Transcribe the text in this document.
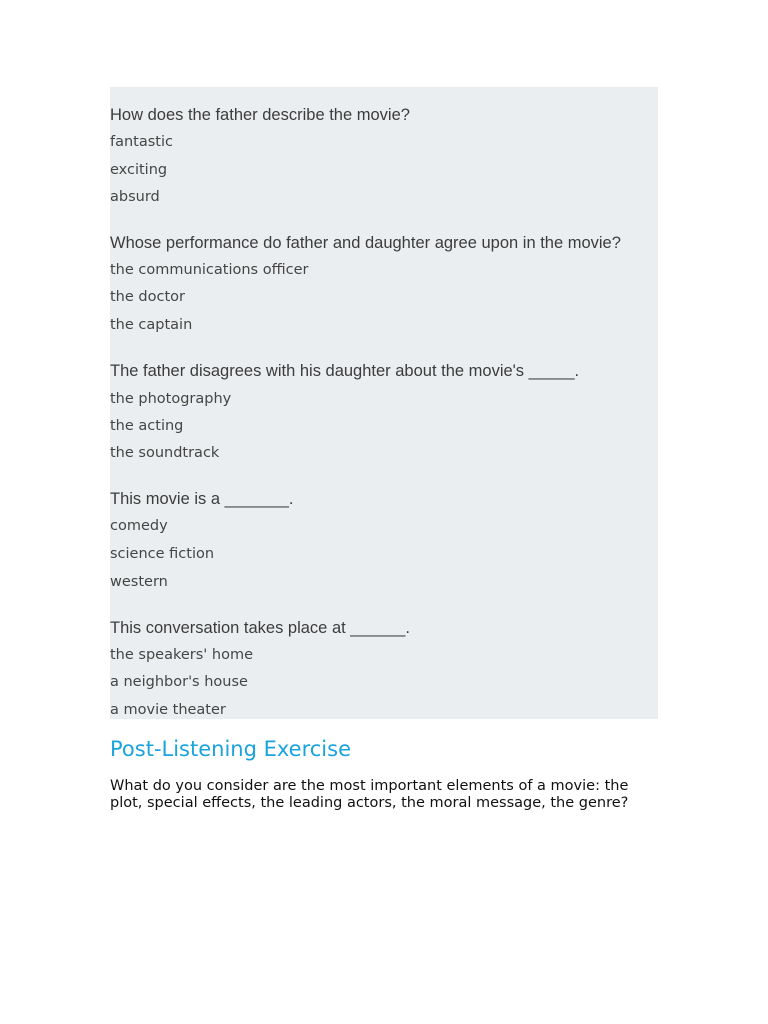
How does the father describe the movie?
fantastic
exciting
absurd
Whose performance do father and daughter agree upon in the movie?
the communications officer
the doctor
the captain
The father disagrees with his daughter about the movie's _____.
the photography
the acting
the soundtrack
This movie is a _______.
comedy
science fiction
western
This conversation takes place at ______.
the speakers' home
a neighbor's house
a movie theater
Post-Listening Exercise
What do you consider are the most important elements of a movie: the plot, special effects, the leading actors, the moral message, the genre?
